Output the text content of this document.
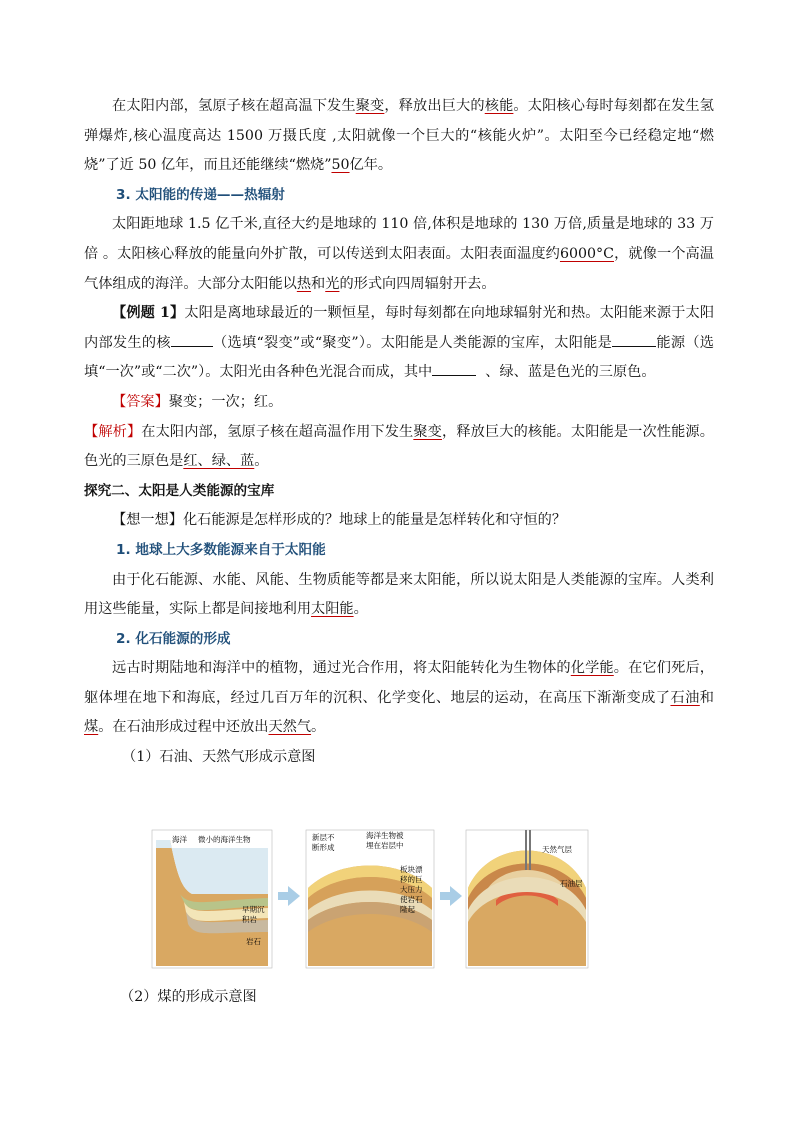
在太阳内部，氢原子核在超高温下发生聚变，释放出巨大的核能。太阳核心每时每刻都在发生氢弹爆炸,核心温度高达 1500 万摄氏度 ,太阳就像一个巨大的“核能火炉”。太阳至今已经稳定地“燃烧”了近 50 亿年，而且还能继续“燃烧”50亿年。

3. 太阳能的传递——热辐射

太阳距地球 1.5 亿千米,直径大约是地球的 110 倍,体积是地球的 130 万倍,质量是地球的 33 万倍 。太阳核心释放的能量向外扩散，可以传送到太阳表面。太阳表面温度约6000°C，就像一个高温气体组成的海洋。大部分太阳能以热和光的形式向四周辐射开去。

【例题 1】太阳是离地球最近的一颗恒星，每时每刻都在向地球辐射光和热。太阳能来源于太阳内部发生的核	（选填“裂变”或“聚变”）。太阳能是人类能源的宝库，太阳能是	能源（选填“一次”或“二次”）。太阳光由各种色光混合而成，其中	、绿、蓝是色光的三原色。

【答案】聚变；一次；红。

【解析】在太阳内部，氢原子核在超高温作用下发生聚变，释放巨大的核能。太阳能是一次性能源。色光的三原色是红、绿、蓝。

探究二、太阳是人类能源的宝库

【想一想】化石能源是怎样形成的？地球上的能量是怎样转化和守恒的？

1. 地球上大多数能源来自于太阳能

由于化石能源、水能、风能、生物质能等都是来太阳能，所以说太阳是人类能源的宝库。人类利用这些能量，实际上都是间接地利用太阳能。

2. 化石能源的形成

远古时期陆地和海洋中的植物，通过光合作用，将太阳能转化为生物体的化学能。在它们死后，躯体埋在地下和海底，经过几百万年的沉积、化学变化、地层的运动，在高压下渐渐变成了石油和煤。在石油形成过程中还放出天然气。

（1）石油、天然气形成示意图

海洋 微小的海洋生物
早期沉
积岩
岩石
新层不
断形成
海洋生物被
埋在岩层中
板块漂
移的巨
大压力
使岩石
隆起
天然气层
石油层

（2）煤的形成示意图
